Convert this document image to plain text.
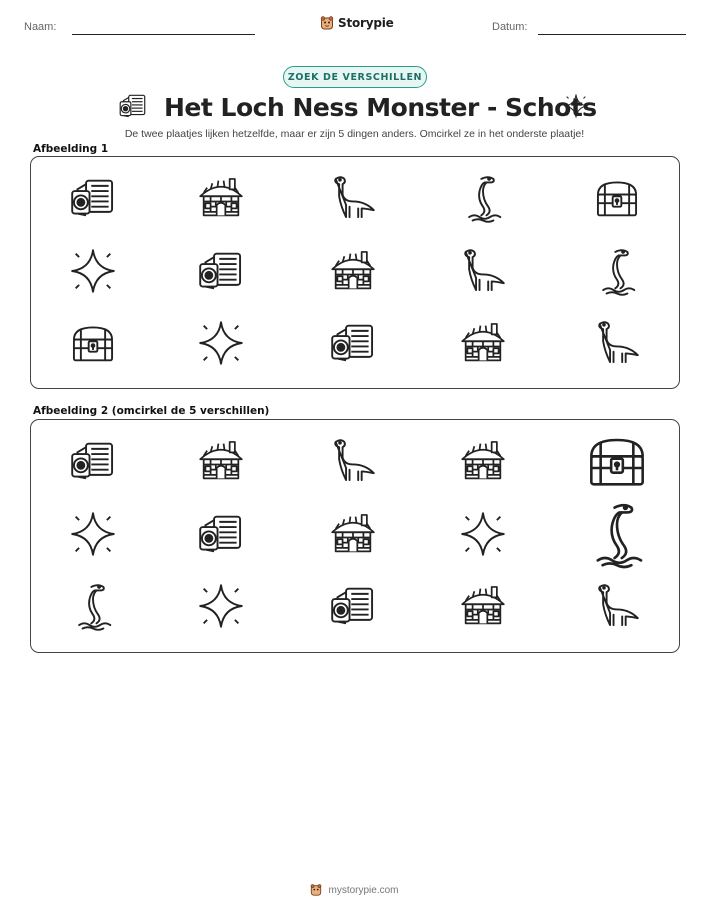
Naam:	Storypie	Datum:
ZOEK DE VERSCHILLEN
Het Loch Ness Monster - Schots
De twee plaatjes lijken hetzelfde, maar er zijn 5 dingen anders. Omcirkel ze in het onderste plaatje!
Afbeelding 1
Afbeelding 2 (omcirkel de 5 verschillen)
mystorypie.com
